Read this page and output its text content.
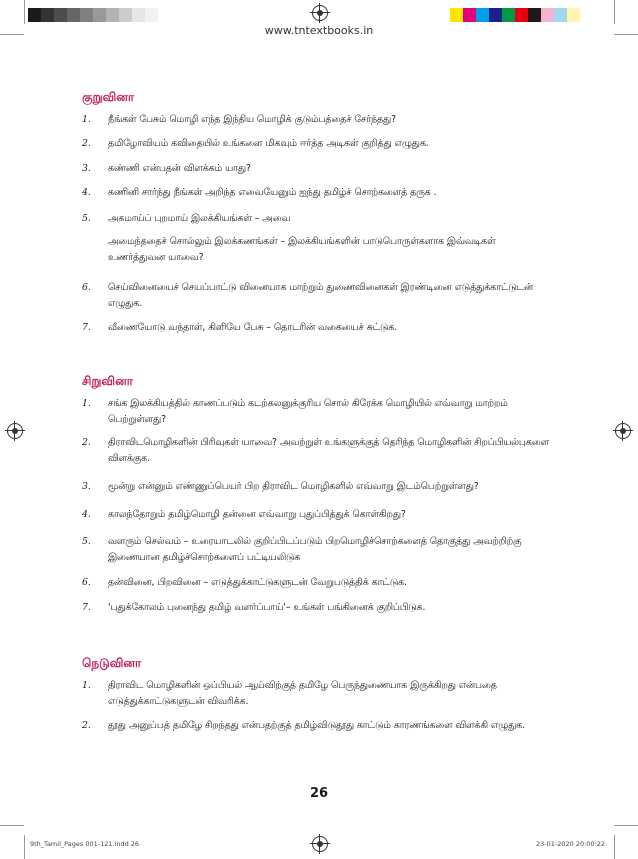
www.tntextbooks.in
குறுவினா
1. நீங்கள் பேசும் மொழி எந்த இந்திய மொழிக் குடும்பத்தைச் சேர்ந்தது?
2. தமிழோவியம் கவிதையில் உங்களை மிகவும் ஈர்த்த அடிகள் குறித்து எழுதுக.
3. கண்ணி என்பதன் விளக்கம் யாது?
4. கணினி சார்ந்து நீங்கள் அறிந்த எவையேனும் ஐந்து தமிழ்ச் சொற்களைத் தருக .
5. அகமாய்ப் புறமாய் இலக்கியங்கள் – அவை
அமைந்ததைச் சொல்லும் இலக்கணங்கள் – இலக்கியங்களின் பாடுபொருள்களாக இவ்வடிகள் உணர்த்துவன யாவை?
6. செய்வினையைச் செயப்பாட்டு வினையாக மாற்றும் துணைவினைகள் இரண்டினை எடுத்துக்காட்டுடன் எழுதுக.
7. வீணையோடு வந்தாள், கிளியே பேசு – தொடரின் வகையைச் சுட்டுக.
சிறுவினா
1. சங்க இலக்கியத்தில் காணப்படும் கடற்கலனுக்குரிய சொல் கிரேக்க மொழியில் எவ்வாறு மாற்றம் பெற்றுள்ளது?
2. திராவிடமொழிகளின் பிரிவுகள் யாவை? அவற்றுள் உங்களுக்குத் தெரிந்த மொழிகளின் சிறப்பியல்புகளை விளக்குக.
3. மூன்று என்னும் எண்ணுப்பெயர் பிற திராவிட மொழிகளில் எவ்வாறு இடம்பெற்றுள்ளது?
4. காலந்தோறும் தமிழ்மொழி தன்னை எவ்வாறு புதுப்பித்துக் கொள்கிறது?
5. வளரும் செல்வம் – உரையாடலில் குறிப்பிடப்படும் பிறமொழிச்சொற்களைத் தொகுத்து அவற்றிற்கு இணையான தமிழ்ச்சொற்களைப் பட்டியலிடுக
6. தன்வினை, பிறவினை – எடுத்துக்காட்டுகளுடன் வேறுபடுத்திக் காட்டுக.
7. 'புதுக்கோலம் புனைந்து தமிழ் வளர்ப்பாய்'– உங்கள் பங்கினைக் குறிப்பிடுக.
நெடுவினா
1. திராவிட மொழிகளின் ஒப்பியல் ஆய்விற்குத் தமிழே பெருந்துணையாக இருக்கிறது என்பதை எடுத்துக்காட்டுகளுடன் விவரிக்க.
2. தூது அனுப்பத் தமிழே சிறந்தது என்பதற்குத் தமிழ்விடுதூது காட்டும் காரணங்களை விளக்கி எழுதுக.
26
9th_Tamil_Pages 001-121.indd 26	23-01-2020 20:00:22
